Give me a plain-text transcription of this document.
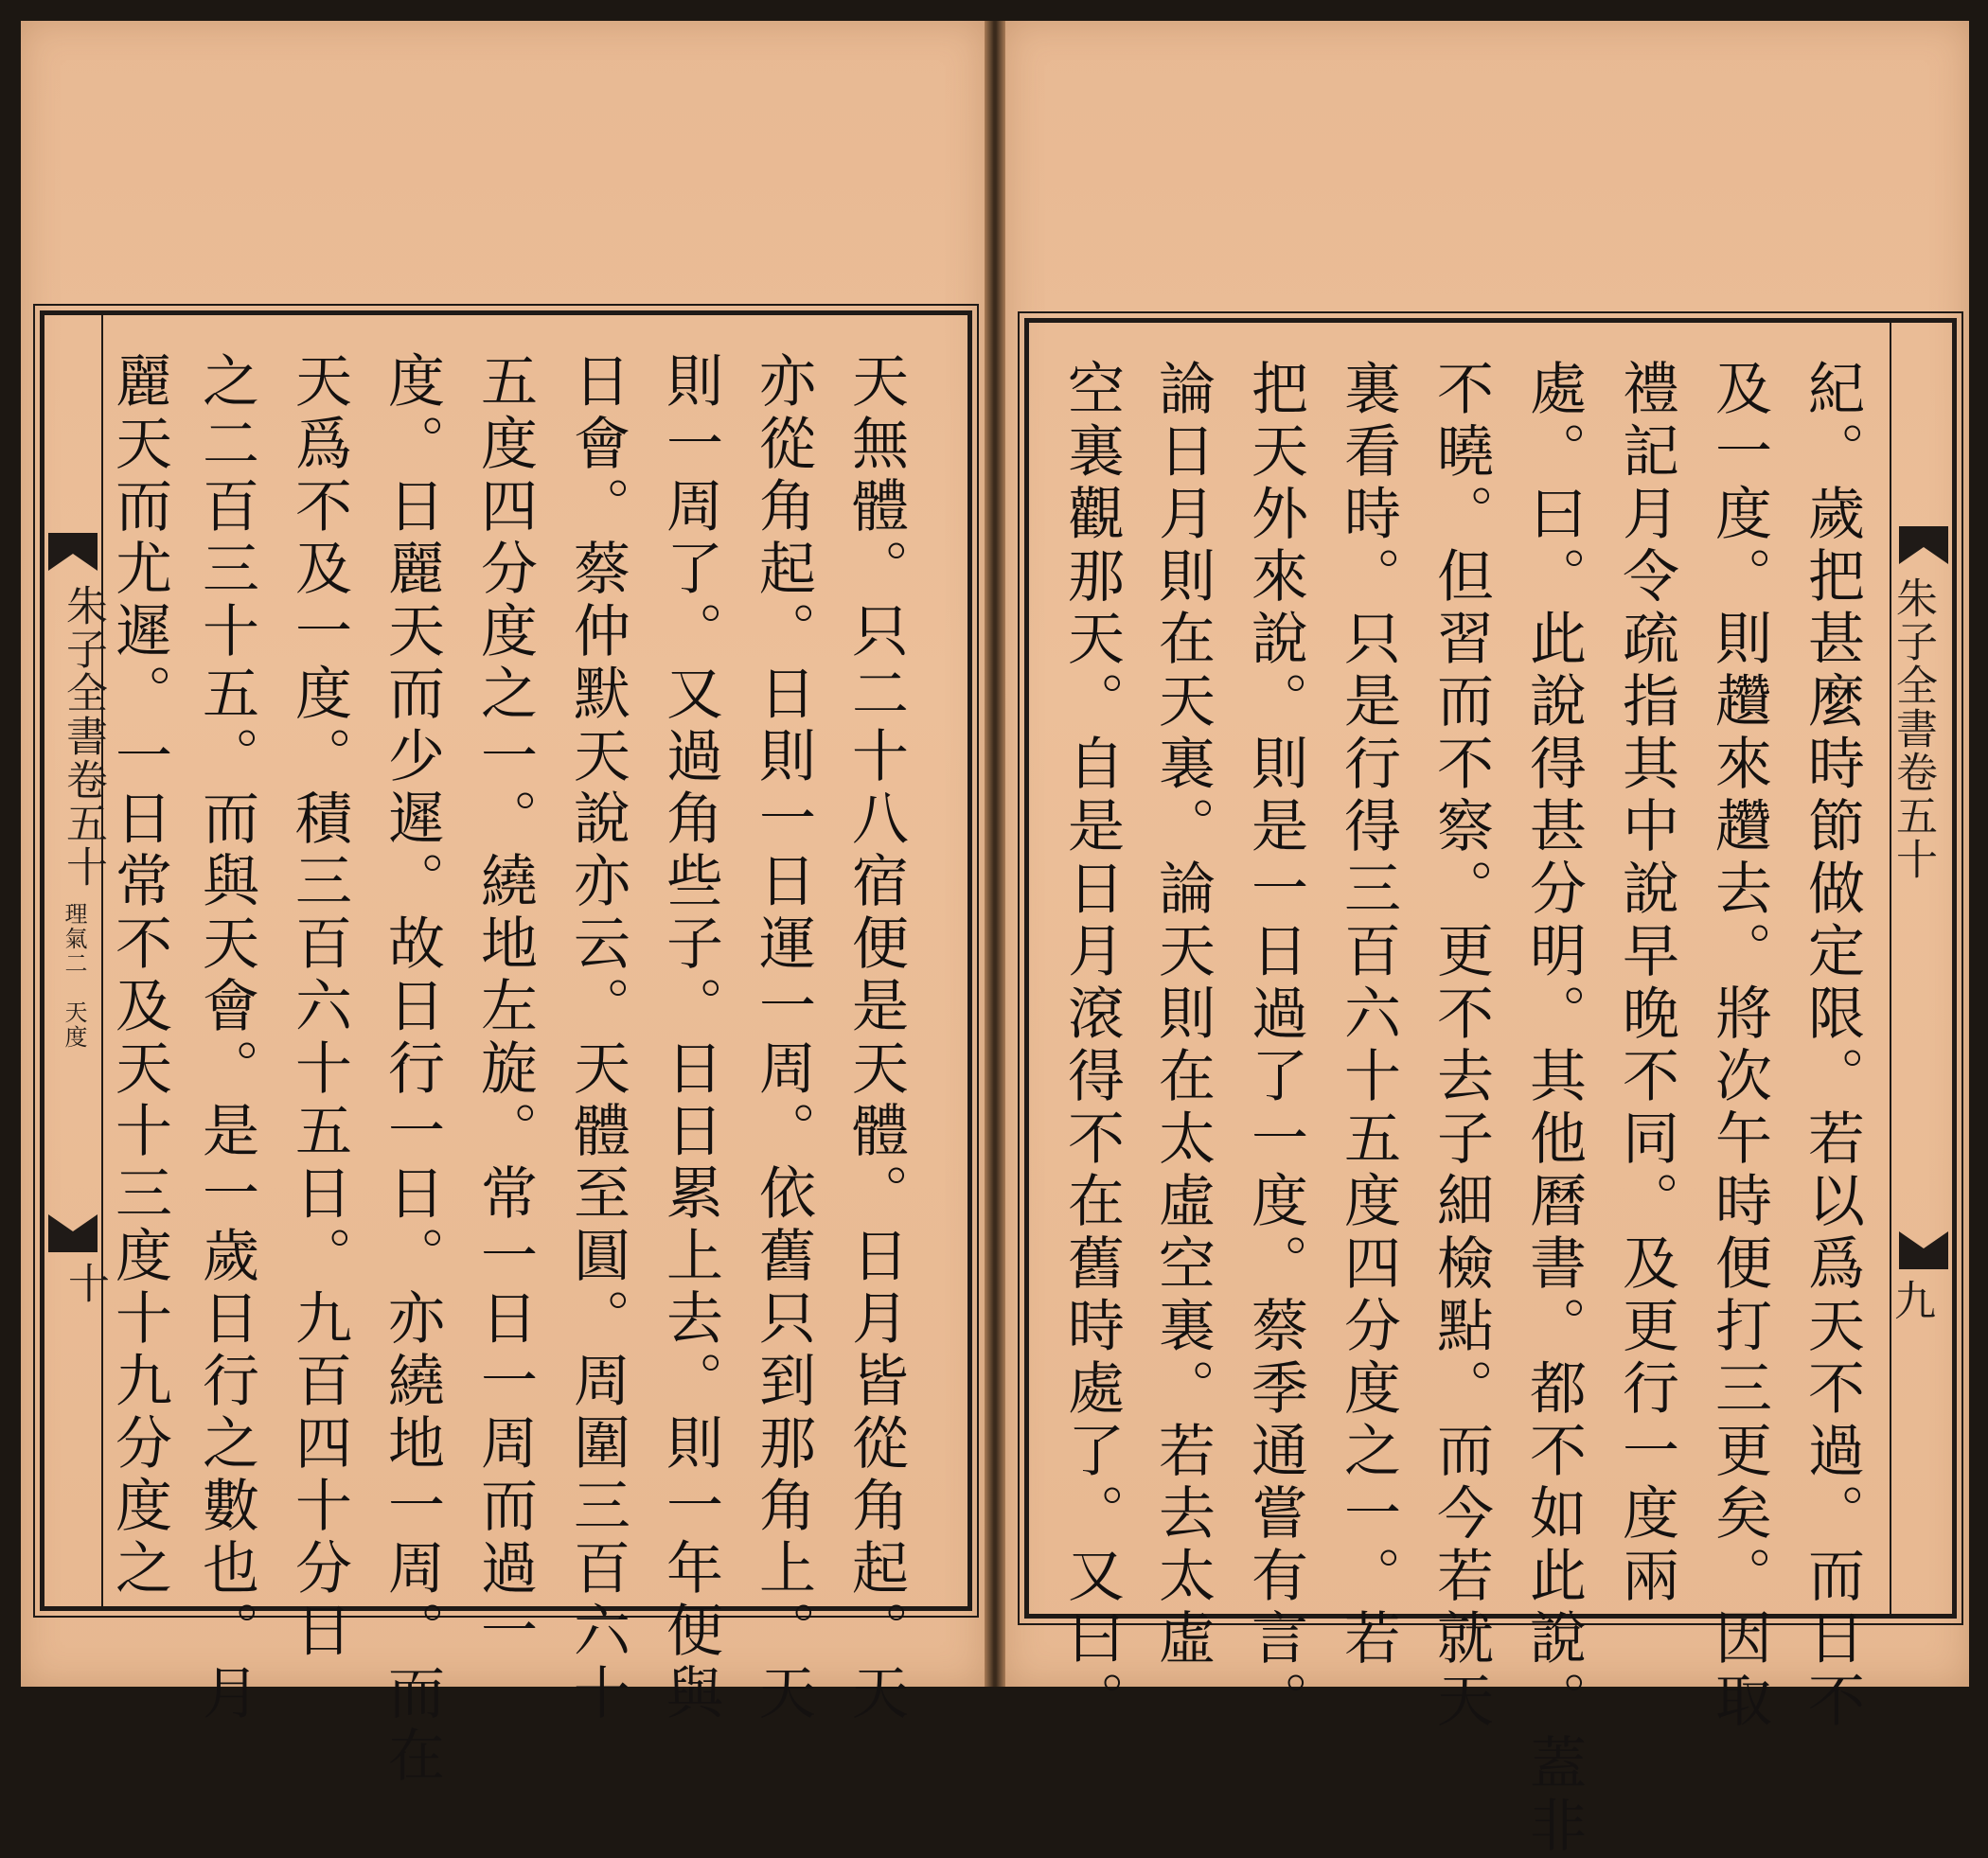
朱子全書卷五十
理氣二　天度
十	天無體。只二十八宿便是天體。日月皆從角起。天
亦從角起。日則一日運一周。依舊只到那角上。天
則一周了。又過角些子。日日累上去。則一年便與
日會。蔡仲默天說亦云。天體至圓。周圍三百六十
五度四分度之一。繞地左旋。常一日一周而過一
度。日麗天而少遲。故日行一日。亦繞地一周。而在
天爲不及一度。積三百六十五日。九百四十分日
之二百三十五。而與天會。是一歲日行之數也。月
麗天而尤遲。一日常不及天十三度十九分度之	朱子全書卷五十
九
紀。歲把甚麼時節做定限。若以爲天不過。而日不
及一度。則趲來趲去。將次午時便打三更矣。因取
禮記月令疏指其中說早晚不同。及更行一度兩
處。曰。此說得甚分明。其他曆書。都不如此說。蓋非
不曉。但習而不察。更不去子細檢點。而今若就天
裏看時。只是行得三百六十五度四分度之一。若
把天外來說。則是一日過了一度。蔡季通嘗有言。
論日月則在天裏。論天則在太虛空裏。若去太虛
空裏觀那天。自是日月滾得不在舊時處了。又曰。
